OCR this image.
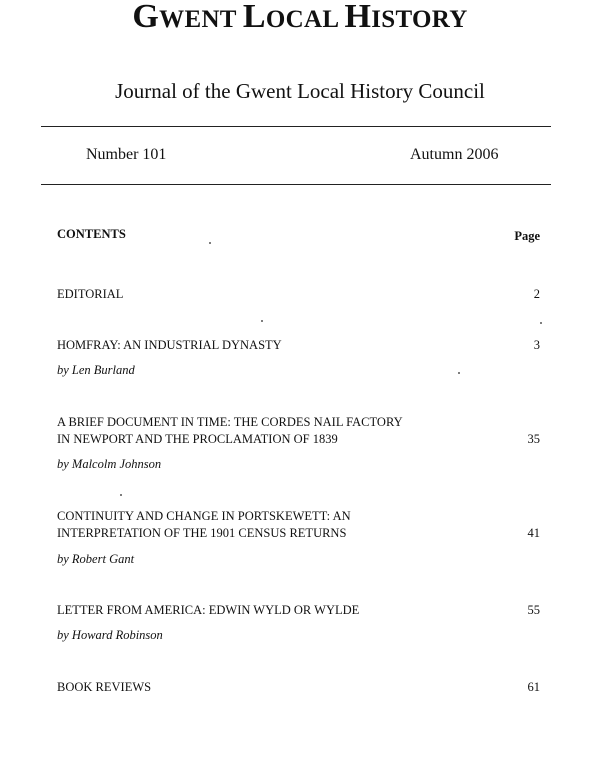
GWENT LOCAL HISTORY
Journal of the Gwent Local History Council
Number 101	Autumn 2006
CONTENTS	Page
EDITORIAL	2
HOMFRAY: AN INDUSTRIAL DYNASTY	3
by Len Burland
A BRIEF DOCUMENT IN TIME: THE CORDES NAIL FACTORY
IN NEWPORT AND THE PROCLAMATION OF 1839	35
by Malcolm Johnson
CONTINUITY AND CHANGE IN PORTSKEWETT: AN
INTERPRETATION OF THE 1901 CENSUS RETURNS	41
by Robert Gant
LETTER FROM AMERICA: EDWIN WYLD OR WYLDE	55
by Howard Robinson
BOOK REVIEWS	61
